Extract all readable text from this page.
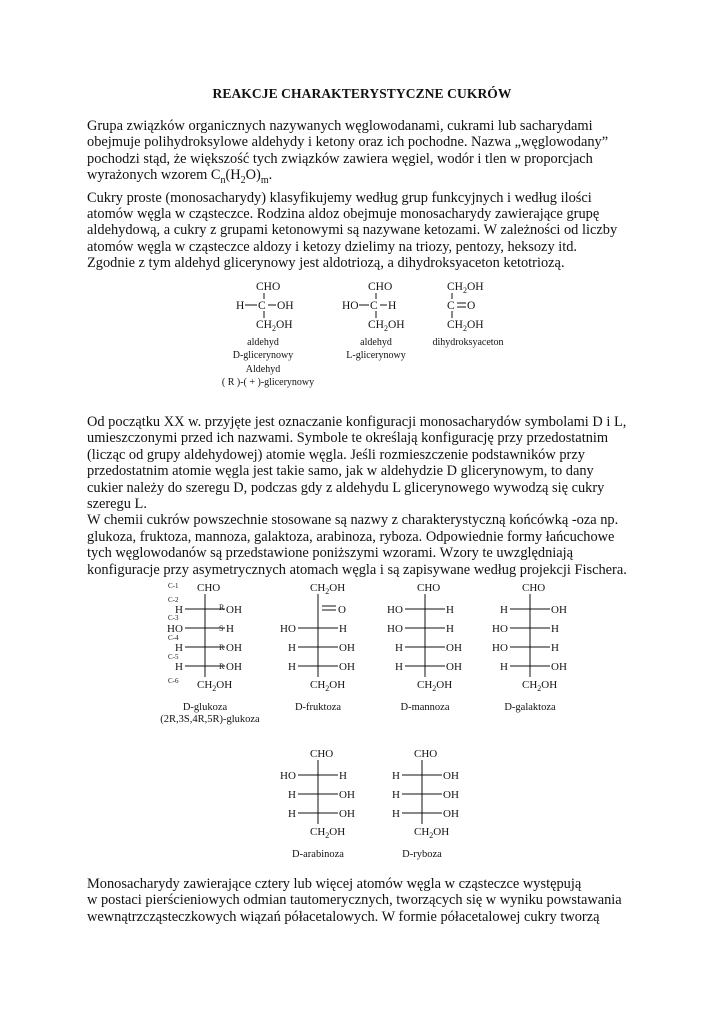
REAKCJE CHARAKTERYSTYCZNE CUKRÓW
Grupa związków organicznych nazywanych węglowodanami, cukrami lub sacharydami
obejmuje polihydroksylowe aldehydy i ketony oraz ich pochodne. Nazwa „węglowodany”
pochodzi stąd, że większość tych związków zawiera węgiel, wodór i tlen w proporcjach
wyrażonych wzorem $C_n(H_2O)_m$.
Cukry proste (monosacharydy) klasyfikujemy według grup funkcyjnych i według ilości
atomów węgla w cząsteczce. Rodzina aldoz obejmuje monosacharydy zawierające grupę
aldehydową, a cukry z grupami ketonowymi są nazywane ketozami. W zależności od liczby
atomów węgla w cząsteczce aldozy i ketozy dzielimy na triozy, pentozy, heksozy itd.
Zgodnie z tym aldehyd glicerynowy jest aldotriozą, a dihydroksyaceton ketotriozą.
CHO
H C OH
$CH_2OH$
aldehyd
D-glicerynowy
Aldehyd
( R )-( + )-glicerynowy
CHO
HO C H
$CH_2OH$
aldehyd
L-glicerynowy
$CH_2OH$
C O
$CH_2OH$
dihydroksyaceton
Od początku XX w. przyjęte jest oznaczanie konfiguracji monosacharydów symbolami D i L,
umieszczonymi przed ich nazwami. Symbole te określają konfigurację przy przedostatnim
(licząc od grupy aldehydowej) atomie węgla. Jeśli rozmieszczenie podstawników przy
przedostatnim atomie węgla jest takie samo, jak w aldehydzie D glicerynowym, to dany
cukier należy do szeregu D, podczas gdy z aldehydu L glicerynowego wywodzą się cukry
szeregu L.
W chemii cukrów powszechnie stosowane są nazwy z charakterystyczną końcówką -oza np.
glukoza, fruktoza, mannoza, galaktoza, arabinoza, ryboza. Odpowiednie formy łańcuchowe
tych węglowodanów są przedstawione poniższymi wzorami. Wzory te uwzględniają
konfiguracje przy asymetrycznych atomach węgla i są zapisywane według projekcji Fischera.
CHO
H	OH
HO	H
H	OH
H	OH
$CH_2OH$
D-glukoza
$CH_2OH$
O
HO	H
H	OH
H	OH
$CH_2OH$
D-fruktoza
CHO
HO	H
HO	H
H	OH
H	OH
$CH_2OH$
D-mannoza
CHO
H	OH
HO	H
HO	H
H	OH
$CH_2OH$
D-galaktoza
C-1
C-2
C-3
C-4
C-5
C-6
R
S
R
R
(2R,3S,4R,5R)-glukoza
CHO
HO	H
H	OH
H	OH
$CH_2OH$
D-arabinoza
CHO
H	OH
H	OH
H	OH
$CH_2OH$
D-ryboza
Monosacharydy zawierające cztery lub więcej atomów węgla w cząsteczce występują
w postaci pierścieniowych odmian tautomerycznych, tworzących się w wyniku powstawania
wewnątrzcząsteczkowych wiązań półacetalowych. W formie półacetalowej cukry tworzą
